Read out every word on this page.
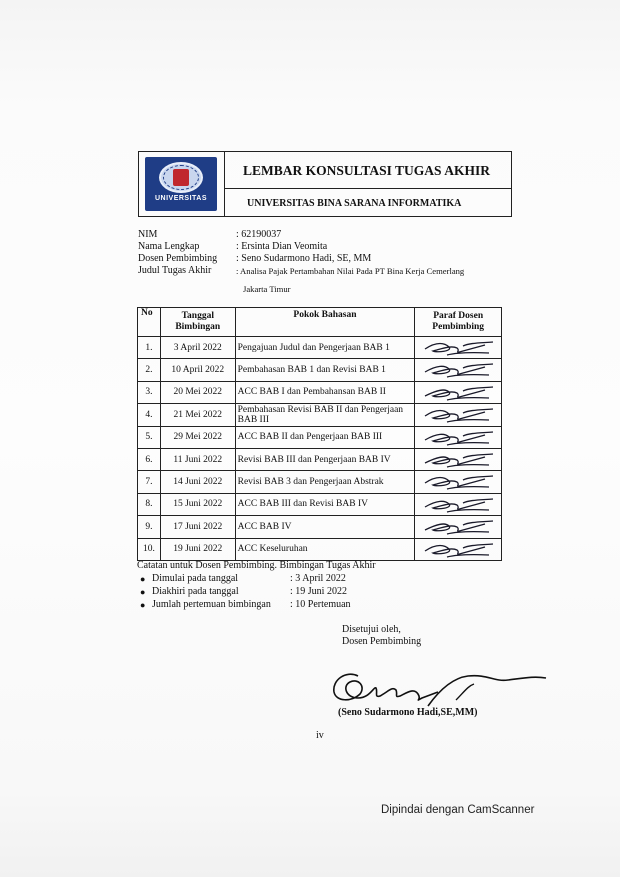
UNIVERSITAS
LEMBAR KONSULTASI TUGAS AKHIR
UNIVERSITAS BINA SARANA INFORMATIKA
NIM	: 62190037
Nama Lengkap	: Ersinta Dian Veomita
Dosen Pembimbing : Seno Sudarmono Hadi, SE, MM
Judul Tugas Akhir	: Analisa Pajak Pertambahan Nilai Pada PT Bina Kerja Cemerlang
Jakarta Timur
No	Tanggal Bimbingan	Pokok Bahasan	Paraf Dosen Pembimbing
1.	3 April 2022	Pengajuan Judul dan Pengerjaan BAB 1	

2.	10 April 2022	Pembahasan BAB 1 dan Revisi BAB 1	

3.	20 Mei 2022	ACC BAB I dan Pembahansan BAB II	

4.	21 Mei 2022	Pembahasan Revisi BAB II dan Pengerjaan BAB III	

5.	29 Mei 2022	ACC BAB II dan Pengerjaan BAB III	

6.	11 Juni 2022	Revisi BAB III dan Pengerjaan BAB IV	

7.	14 Juni 2022	Revisi BAB 3 dan Pengerjaan Abstrak	

8.	15 Juni 2022	ACC BAB III dan Revisi BAB IV	

9.	17 Juni 2022	ACC BAB IV	

10.	19 Juni 2022	ACC Keseluruhan	
Catatan untuk Dosen Pembimbing. Bimbingan Tugas Akhir
● Dimulai pada tanggal	: 3 April 2022
● Diakhiri pada tanggal	: 19 Juni 2022
● Jumlah pertemuan bimbingan : 10 Pertemuan
Disetujui oleh,
Dosen Pembimbing
(Seno Sudarmono Hadi,SE,MM)
iv
Dipindai dengan CamScanner
